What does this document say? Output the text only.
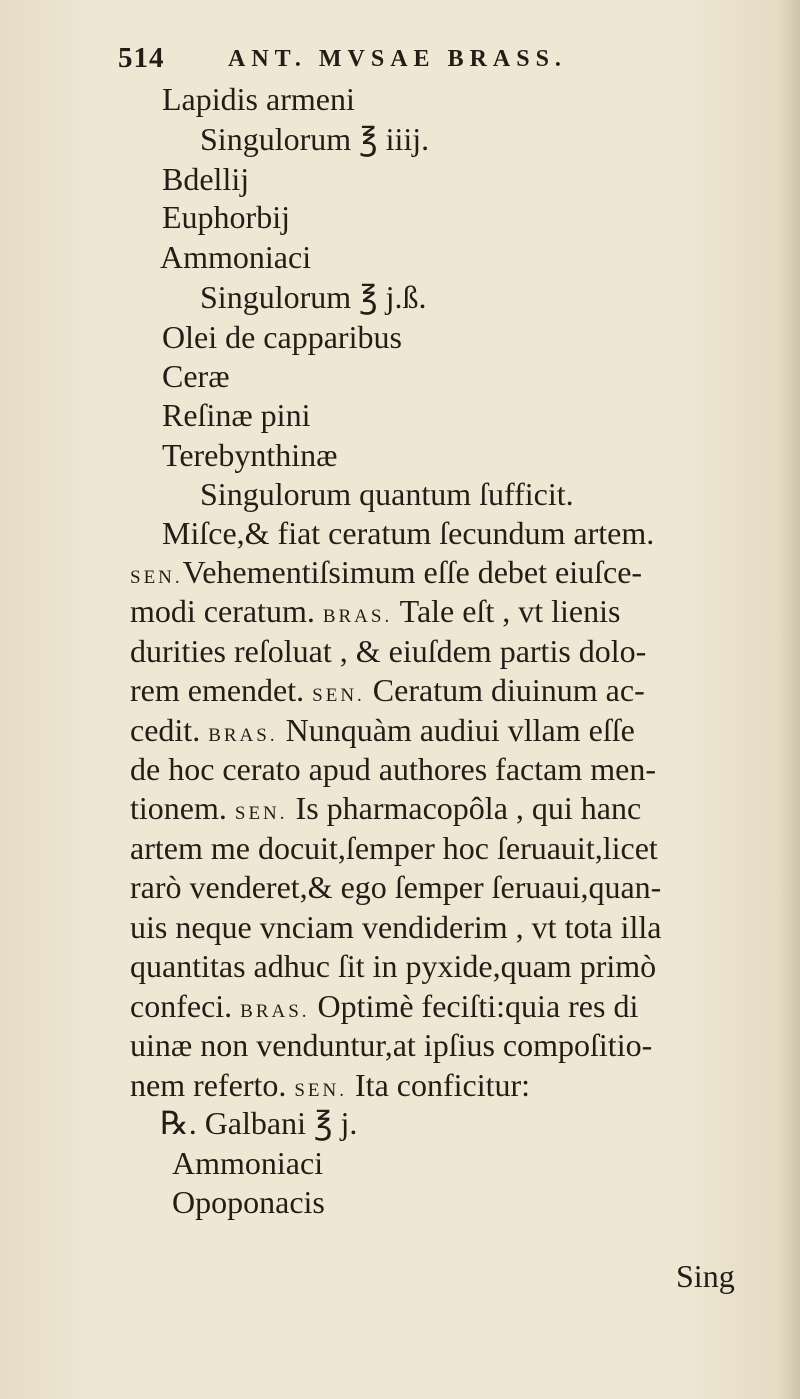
514	ANT. MVSAE BRASS.
Lapidis armeni
Singulorum ℥ iiij.
Bdellij
Euphorbij
Ammoniaci
Singulorum ℥ j.ß.
Olei de capparibus
Ceræ
Reſinæ pini
Terebynthinæ
Singulorum quantum ſufficit.
Miſce,& fiat ceratum ſecundum artem.
SEN.Vehementiſsimum eſſe debet eiuſce-
modi ceratum. BRAS. Tale eſt , vt lienis
durities reſoluat , & eiuſdem partis dolo-
rem emendet. SEN. Ceratum diuinum ac-
cedit. BRAS. Nunquàm audiui vllam eſſe
de hoc cerato apud authores factam men-
tionem. SEN. Is pharmacopôla , qui hanc
artem me docuit,ſemper hoc ſeruauit,licet
rarò venderet,& ego ſemper ſeruaui,quan-
uis neque vnciam vendiderim , vt tota illa
quantitas adhuc ſit in pyxide,quam primò
confeci. BRAS. Optimè feciſti:quia res di
uinæ non venduntur,at ipſius compoſitio-
nem referto. SEN. Ita conficitur:
℞. Galbani ℥ j.
Ammoniaci
Opoponacis
Sing
